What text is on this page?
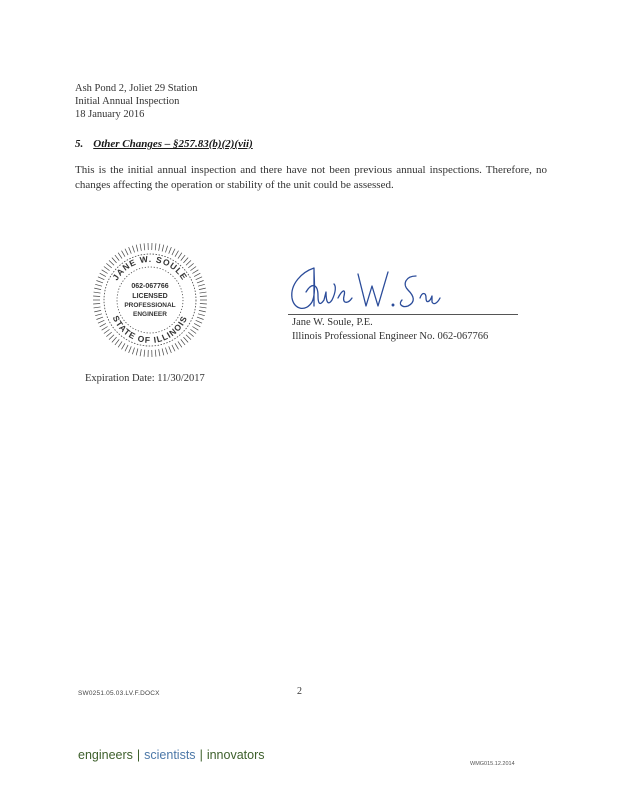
Ash Pond 2, Joliet 29 Station
Initial Annual Inspection
18 January 2016
5. Other Changes – §257.83(b)(2)(vii)
This is the initial annual inspection and there have not been previous annual inspections. Therefore, no changes affecting the operation or stability of the unit could be assessed.
JANE W. SOULE
STATE OF ILLINOIS
062-067766
LICENSED
PROFESSIONAL
ENGINEER
Expiration Date: 11/30/2017
Jane W. Soule, P.E.
Illinois Professional Engineer No. 062-067766
SW0251.05.03.LV.F.DOCX	2
engineers | scientists | innovators
WMG015.12.2014
